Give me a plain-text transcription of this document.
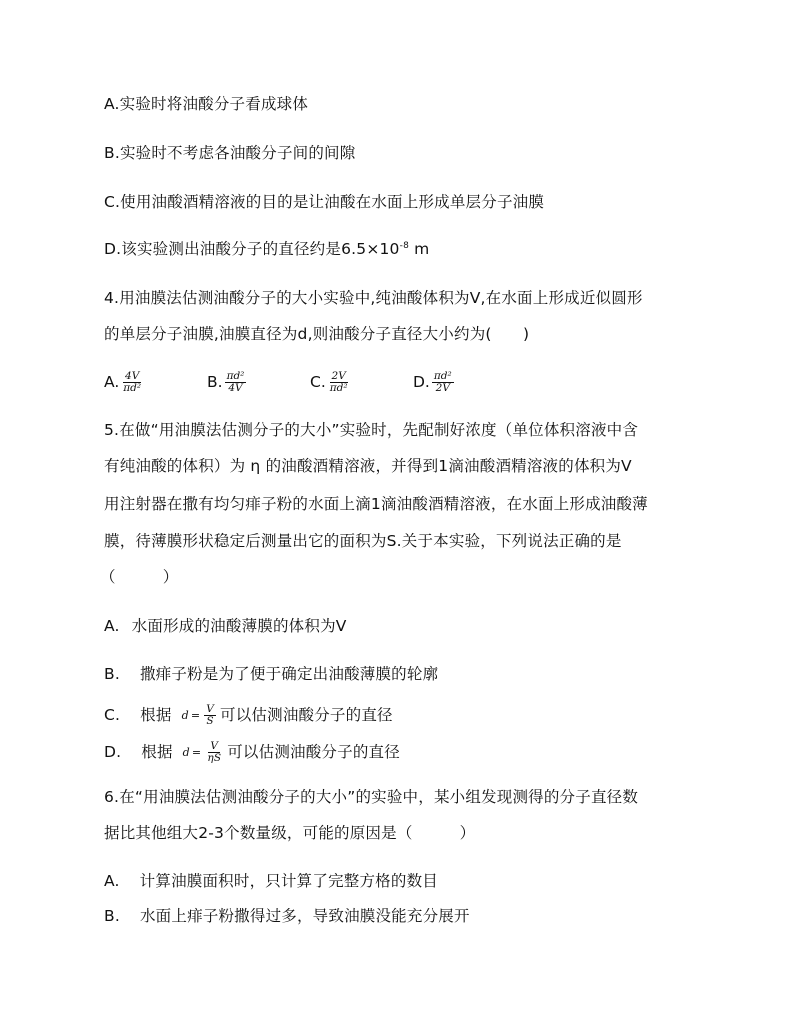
A.实验时将油酸分子看成球体
B.实验时不考虑各油酸分子间的间隙
C.使用油酸酒精溶液的目的是让油酸在水面上形成单层分子油膜
D.该实验测出油酸分子的直径约是$6.5\times 10^{-8}$ m
4.用油膜法估测油酸分子的大小实验中,纯油酸体积为V,在水面上形成近似圆形
的单层分子油膜,油膜直径为d,则油酸分子直径大小约为(　　)
A. $\frac{4V}{\text{πd²}}$	B. $\frac{\text{πd²}}{4V}$	C. $\frac{2V}{\text{πd²}}$	D. $\frac{\text{πd²}}{2V}$
5.在做“用油膜法估测分子的大小”实验时，先配制好浓度（单位体积溶液中含
有纯油酸的体积）为 η 的油酸酒精溶液，并得到1滴油酸酒精溶液的体积为V
用注射器在撒有均匀痱子粉的水面上滴1滴油酸酒精溶液，在水面上形成油酸薄
膜，待薄膜形状稳定后测量出它的面积为S.关于本实验，下列说法正确的是
（　　　）
A. 水面形成的油酸薄膜的体积为V
B. 撒痱子粉是为了便于确定出油酸薄膜的轮廓
C. 根据 $d = \frac{V}{S}$ 可以估测油酸分子的直径
D. 根据 $d = \frac{V}{\eta S}$ 可以估测油酸分子的直径
6.在“用油膜法估测油酸分子的大小”的实验中，某小组发现测得的分子直径数
据比其他组大2-3个数量级，可能的原因是（　　　）
A. 计算油膜面积时，只计算了完整方格的数目
B. 水面上痱子粉撒得过多，导致油膜没能充分展开
